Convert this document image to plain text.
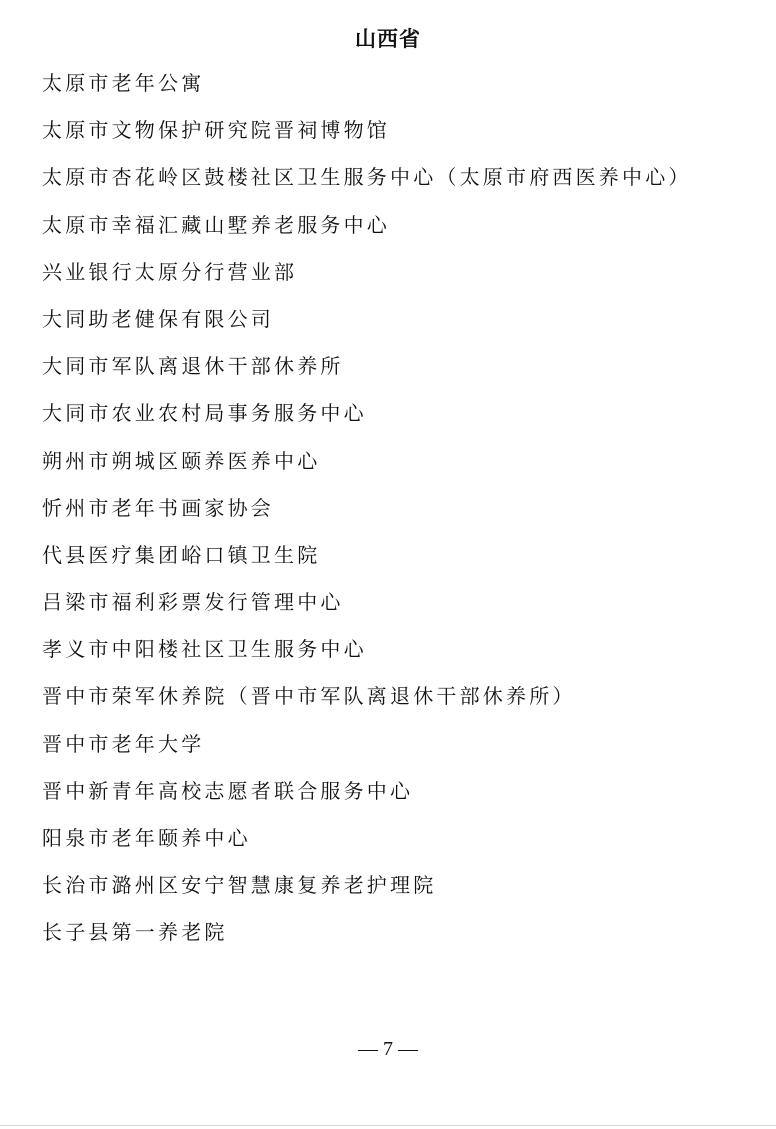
山西省
太原市老年公寓
太原市文物保护研究院晋祠博物馆
太原市杏花岭区鼓楼社区卫生服务中心（太原市府西医养中心）
太原市幸福汇藏山墅养老服务中心
兴业银行太原分行营业部
大同助老健保有限公司
大同市军队离退休干部休养所
大同市农业农村局事务服务中心
朔州市朔城区颐养医养中心
忻州市老年书画家协会
代县医疗集团峪口镇卫生院
吕梁市福利彩票发行管理中心
孝义市中阳楼社区卫生服务中心
晋中市荣军休养院（晋中市军队离退休干部休养所）
晋中市老年大学
晋中新青年高校志愿者联合服务中心
阳泉市老年颐养中心
长治市潞州区安宁智慧康复养老护理院
长子县第一养老院
— 7 —
